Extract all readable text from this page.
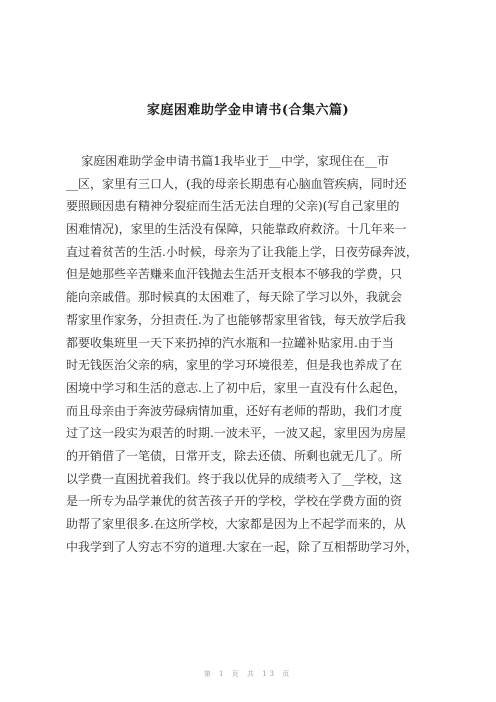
家庭困难助学金申请书(合集六篇)
家庭困难助学金申请书篇1我毕业于__中学，家现住在__市
__区，家里有三口人，(我的母亲长期患有心脑血管疾病，同时还
要照顾因患有精神分裂症而生活无法自理的父亲)(写自己家里的
困难情况)，家里的生活没有保障，只能靠政府救济。十几年来一
直过着贫苦的生活.小时候，母亲为了让我能上学，日夜劳碌奔波，
但是她那些辛苦赚来血汗钱抛去生活开支根本不够我的学费，只
能向亲戚借。那时候真的太困难了，每天除了学习以外，我就会
帮家里作家务，分担责任.为了也能够帮家里省钱，每天放学后我
都要收集班里一天下来扔掉的汽水瓶和一拉罐补贴家用.由于当
时无钱医治父亲的病，家里的学习环境很差，但是我也养成了在
困境中学习和生活的意志.上了初中后，家里一直没有什么起色，
而且母亲由于奔波劳碌病情加重，还好有老师的帮助，我们才度
过了这一段实为艰苦的时期.一波未平，一波又起，家里因为房屋
的开销借了一笔债，日常开支，除去还债、所剩也就无几了。所
以学费一直困扰着我们。终于我以优异的成绩考入了__学校，这
是一所专为品学兼优的贫苦孩子开的学校，学校在学费方面的资
助帮了家里很多.在这所学校，大家都是因为上不起学而来的，从
中我学到了人穷志不穷的道理.大家在一起，除了互相帮助学习外，
第 1 页 共 13 页
